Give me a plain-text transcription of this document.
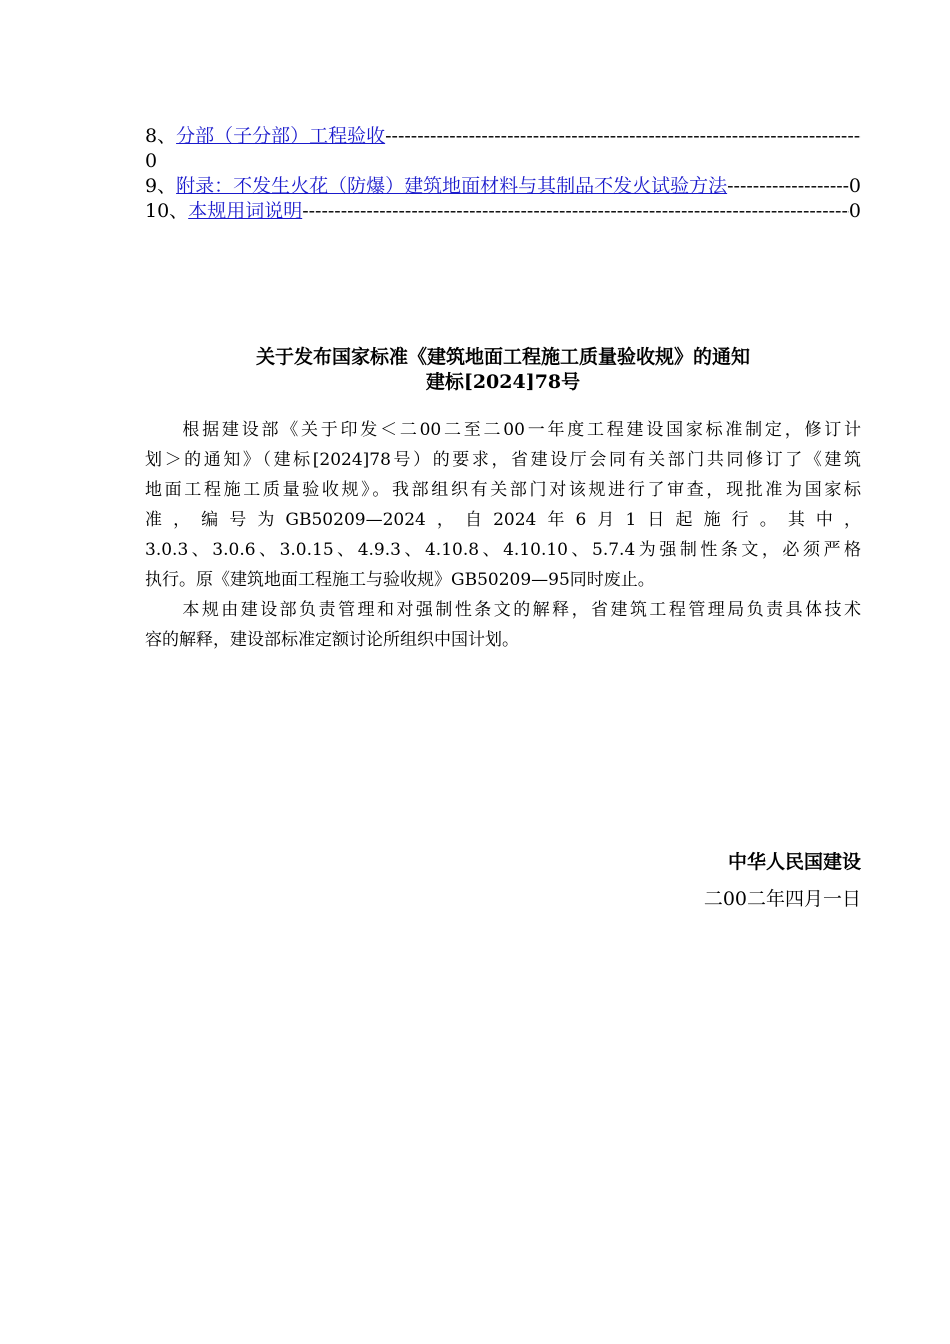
8、 分部（子分部）工程验收
-----
0
9、 附录：不发生火花（防爆）建筑地面材料与其制品不发火试验方法 -----	0
10、 本规用词说明 -----	0
关于发布国家标准《建筑地面工程施工质量验收规》的通知
建标[2024]78号
根据建设部《关于印发＜二00二至二00一年度工程建设国家标准制定，修订计
划＞的通知》（建标[2024]78号）的要求，省建设厅会同有关部门共同修订了《建筑
地面工程施工质量验收规》。我部组织有关部门对该规进行了审查，现批准为国家标
准，编号为GB50209—2024，自2024年6月1日起施行。其中，
3.0.3、3.0.6、3.0.15、4.9.3、4.10.8、4.10.10、5.7.4为强制性条文，必须严格
执行。原《建筑地面工程施工与验收规》GB50209—95同时废止。
本规由建设部负责管理和对强制性条文的解释，省建筑工程管理局负责具体技术
容的解释，建设部标准定额讨论所组织中国计划。
中华人民国建设
二00二年四月一日
